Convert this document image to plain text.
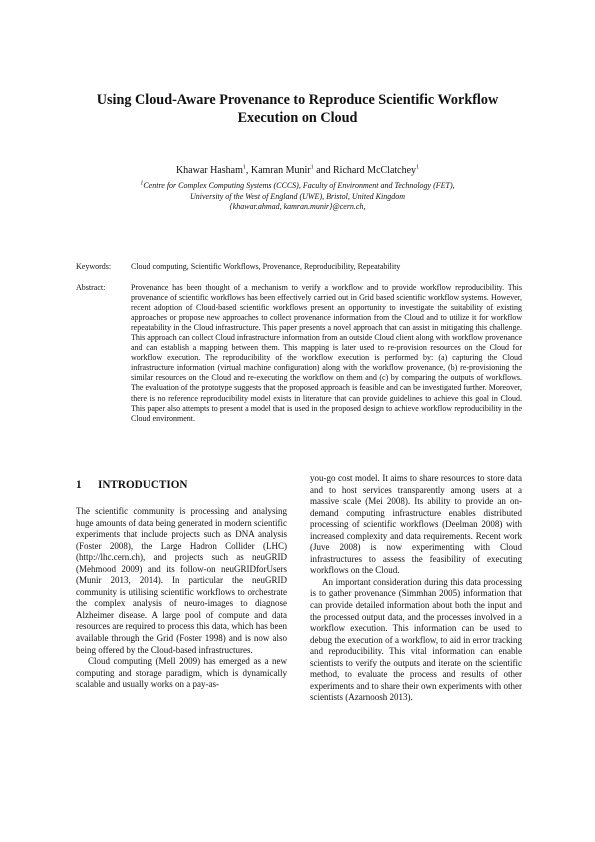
Using Cloud-Aware Provenance to Reproduce Scientific Workflow
Execution on Cloud
Khawar Hasham$^1$, Kamran Munir$^1$ and Richard McClatchey$^1$
$^1$Centre for Complex Computing Systems (CCCS), Faculty of Environment and Technology (FET),
University of the West of England (UWE), Bristol, United Kingdom
{khawar.ahmad, kamran.munir}@cern.ch,
Keywords: Cloud computing, Scientific Workflows, Provenance, Reproducibility, Repeatability
Abstract:	Provenance has been thought of a mechanism to verify a workflow and to provide workflow reproducibility. This provenance of scientific workflows has been effectively carried out in Grid based scientific workflow systems. However, recent adoption of Cloud-based scientific workflows present an opportunity to investigate the suitability of existing approaches or propose new approaches to collect provenance information from the Cloud and to utilize it for workflow repeatability in the Cloud infrastructure. This paper presents a novel approach that can assist in mitigating this challenge. This approach can collect Cloud infrastructure information from an outside Cloud client along with workflow provenance and can establish a mapping between them. This mapping is later used to re-provision resources on the Cloud for workflow execution. The reproducibility of the workflow execution is performed by: (a) capturing the Cloud infrastructure information (virtual machine configuration) along with the workflow provenance, (b) re-provisioning the similar resources on the Cloud and re-executing the workflow on them and (c) by comparing the outputs of workflows. The evaluation of the prototype suggests that the proposed approach is feasible and can be investigated further. Moreover, there is no reference reproducibility model exists in literature that can provide guidelines to achieve this goal in Cloud. This paper also attempts to present a model that is used in the proposed design to achieve workflow reproducibility in the Cloud environment.

1 INTRODUCTION

The scientific community is processing and analysing huge amounts of data being generated in modern scientific experiments that include projects such as DNA analysis (Foster 2008), the Large Hadron Collider (LHC) (http://lhc.cern.ch), and projects such as neuGRID (Mehmood 2009) and its follow-on neuGRIDforUsers (Munir 2013, 2014). In particular the neuGRID community is utilising scientific workflows to orchestrate the complex analysis of neuro-images to diagnose Alzheimer disease. A large pool of compute and data resources are required to process this data, which has been available through the Grid (Foster 1998) and is now also being offered by the Cloud-based infrastructures.

Cloud computing (Mell 2009) has emerged as a new computing and storage paradigm, which is dynamically scalable and usually works on a pay-as-

you-go cost model. It aims to share resources to store data and to host services transparently among users at a massive scale (Mei 2008). Its ability to provide an on-demand computing infrastructure enables distributed processing of scientific workflows (Deelman 2008) with increased complexity and data requirements. Recent work (Juve 2008) is now experimenting with Cloud infrastructures to assess the feasibility of executing workflows on the Cloud.

An important consideration during this data processing is to gather provenance (Simmhan 2005) information that can provide detailed information about both the input and the processed output data, and the processes involved in a workflow execution. This information can be used to debug the execution of a workflow, to aid in error tracking and reproducibility. This vital information can enable scientists to verify the outputs and iterate on the scientific method, to evaluate the process and results of other experiments and to share their own experiments with other scientists (Azarnoosh 2013).
